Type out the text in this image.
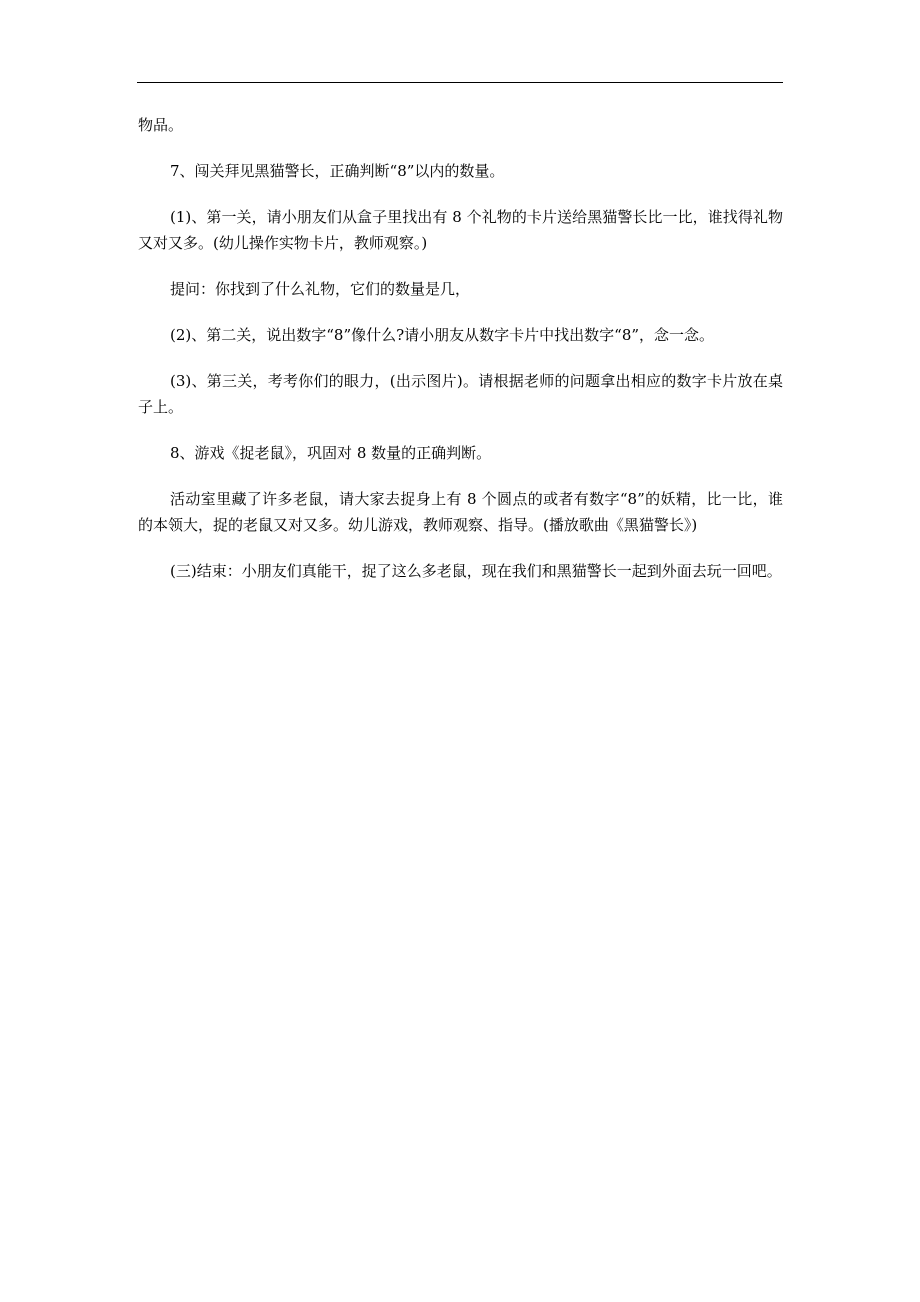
物品。

7、闯关拜见黑猫警长，正确判断“8”以内的数量。

(1)、第一关，请小朋友们从盒子里找出有 8 个礼物的卡片送给黑猫警长比一比，谁找得礼物又对又多。(幼儿操作实物卡片，教师观察。)

提问：你找到了什么礼物，它们的数量是几，

(2)、第二关，说出数字“8”像什么?请小朋友从数字卡片中找出数字“8”，念一念。

(3)、第三关，考考你们的眼力，(出示图片)。请根据老师的问题拿出相应的数字卡片放在桌子上。

8、游戏《捉老鼠》，巩固对 8 数量的正确判断。

活动室里藏了许多老鼠，请大家去捉身上有 8 个圆点的或者有数字“8”的妖精，比一比，谁的本领大，捉的老鼠又对又多。幼儿游戏，教师观察、指导。(播放歌曲《黑猫警长》)

(三)结束：小朋友们真能干，捉了这么多老鼠，现在我们和黑猫警长一起到外面去玩一回吧。
